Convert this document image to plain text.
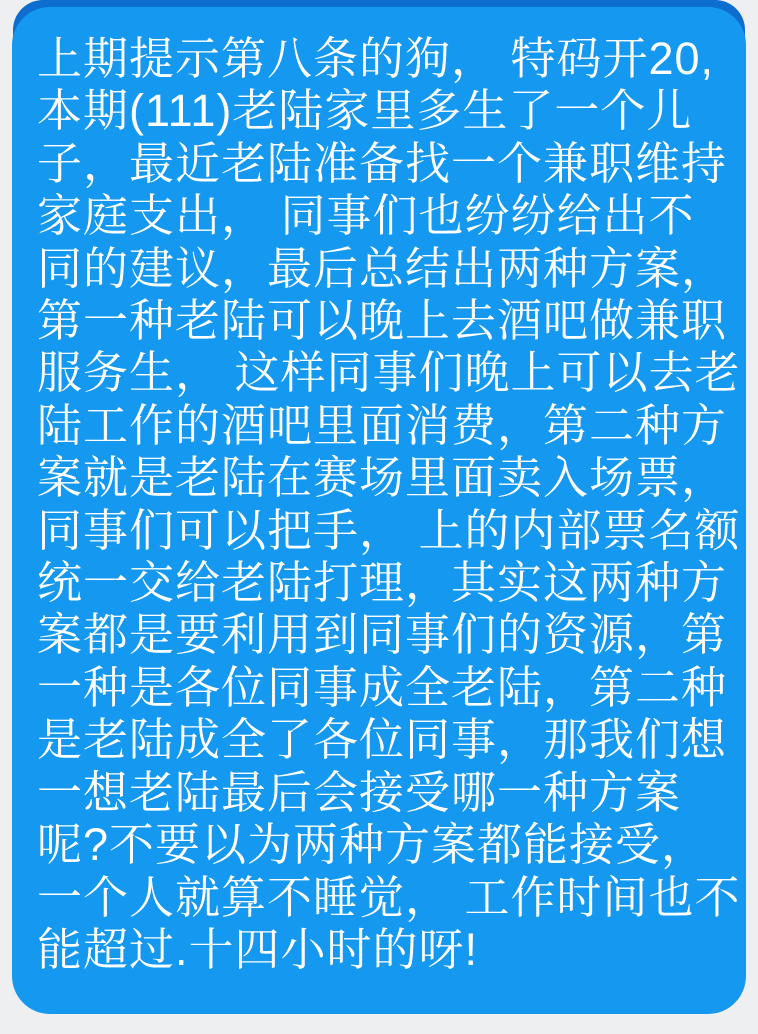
上期提示第八条的狗， 特码开20,
本期(111)老陆家里多生了一个儿
子，最近老陆准备找一个兼职维持
家庭支出， 同事们也纷纷给出不
同的建议，最后总结出两种方案，
第一种老陆可以晚上去酒吧做兼职
服务生， 这样同事们晚上可以去老
陆工作的酒吧里面消费，第二种方
案就是老陆在赛场里面卖入场票，
同事们可以把手， 上的内部票名额
统一交给老陆打理，其实这两种方
案都是要利用到同事们的资源，第
一种是各位同事成全老陆，第二种
是老陆成全了各位同事，那我们想
一想老陆最后会接受哪一种方案
呢?不要以为两种方案都能接受，
一个人就算不睡觉， 工作时间也不
能超过.十四小时的呀!
